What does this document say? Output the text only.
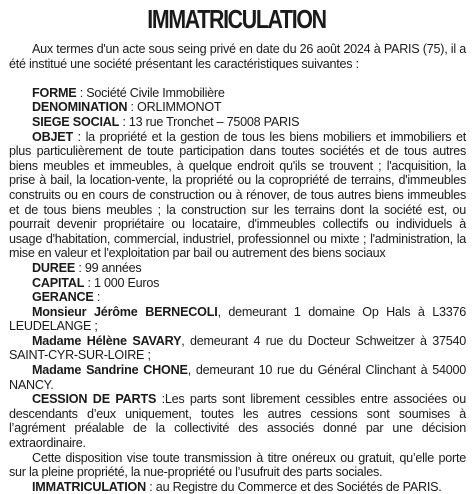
IMMATRICULATION

Aux termes d'un acte sous seing privé en date du 26 août 2024 à PARIS (75), il a été institué une société présentant les caractéristiques suivantes :

FORME : Société Civile Immobilière

DENOMINATION : ORLIMMONOT

SIEGE SOCIAL : 13 rue Tronchet – 75008 PARIS

OBJET : la propriété et la gestion de tous les biens mobiliers et immobiliers et plus particulièrement de toute participation dans toutes sociétés et de tous autres biens meubles et immeubles, à quelque endroit qu'ils se trouvent ; l'acquisition, la prise à bail, la location-vente, la propriété ou la copropriété de terrains, d'immeubles construits ou en cours de construction ou à rénover, de tous autres biens immeubles et de tous biens meubles ; la construction sur les terrains dont la société est, ou pourrait devenir propriétaire ou locataire, d'immeubles collectifs ou individuels à usage d'habitation, commercial, industriel, professionnel ou mixte ; l'administration, la mise en valeur et l'exploitation par bail ou autrement des biens sociaux

DUREE : 99 années

CAPITAL : 1 000 Euros

GERANCE :

Monsieur Jérôme BERNECOLI, demeurant 1 domaine Op Hals à L3376 LEUDELANGE ;

Madame Hélène SAVARY, demeurant 4 rue du Docteur Schweitzer à 37540 SAINT-CYR-SUR-LOIRE ;

Madame Sandrine CHONE, demeurant 10 rue du Général Clinchant à 54000 NANCY.

CESSION DE PARTS :Les parts sont librement cessibles entre associées ou descendants d’eux uniquement, toutes les autres cessions sont soumises à l’agrément préalable de la collectivité des associés donné par une décision extraordinaire.

Cette disposition vise toute transmission à titre onéreux ou gratuit, qu’elle porte sur la pleine propriété, la nue-propriété ou l’usufruit des parts sociales.

IMMATRICULATION : au Registre du Commerce et des Sociétés de PARIS.
